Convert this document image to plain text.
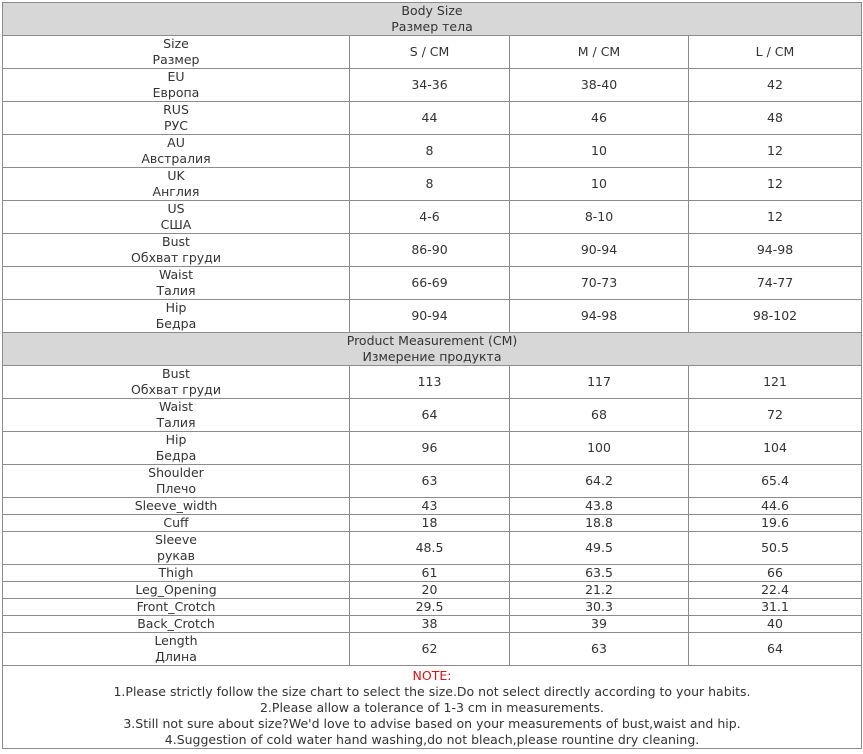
Body Size
Размер тела			

Size
Размер	S / CM	M / CM	L / CM

EU
Европа	34-36	38-40	42

RUS
РУС	44	46	48

AU
Австралия	8	10	12

UK
Англия	8	10	12

US
США	4-6	8-10	12

Bust
Обхват груди	86-90	90-94	94-98

Waist
Талия	66-69	70-73	74-77

Hip
Бедра	90-94	94-98	98-102

Product Measurement (CM)
Измерение продукта			

Bust
Обхват груди	113	117	121

Waist
Талия	64	68	72

Hip
Бедра	96	100	104

Shoulder
Плечо	63	64.2	65.4

Sleeve_width	43	43.8	44.6

Cuff	18	18.8	19.6

Sleeve
рукав	48.5	49.5	50.5

Thigh	61	63.5	66

Leg_Opening	20	21.2	22.4

Front_Crotch	29.5	30.3	31.1

Back_Crotch	38	39	40

Length
Длина	62	63	64

NOTE:
1.Please strictly follow the size chart to select the size.Do not select directly according to your habits.
2.Please allow a tolerance of 1-3 cm in measurements.
3.Still not sure about size?We'd love to advise based on your measurements of bust,waist and hip.
4.Suggestion of cold water hand washing,do not bleach,please rountine dry cleaning.			
